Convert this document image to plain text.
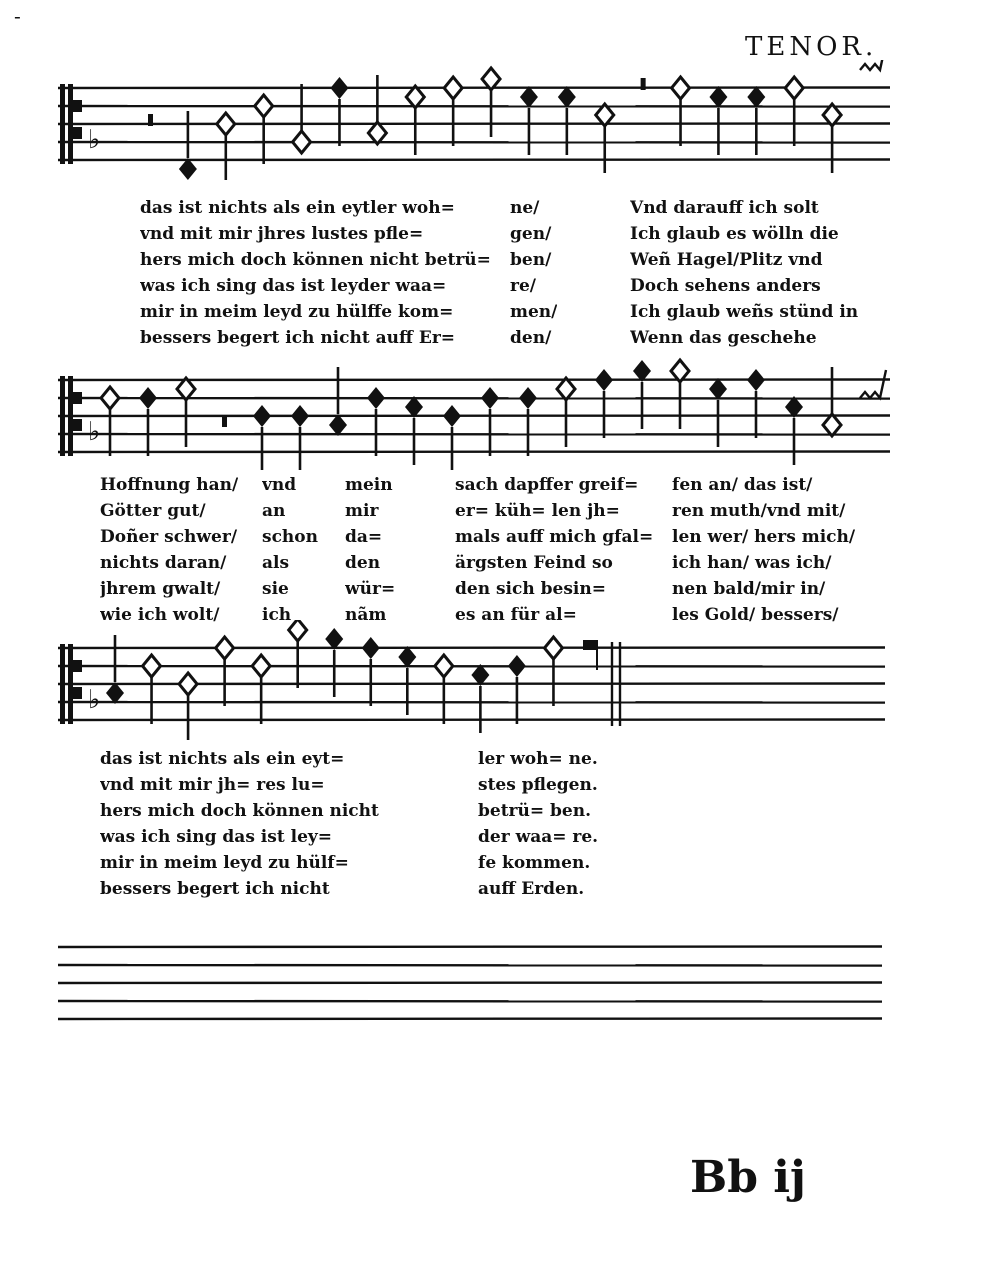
-
TENOR.
♭
das ist nichts als ein eytler woh=
vnd mit mir jhres lustes pfle=
hers mich doch können nicht betrü=
was ich sing das ist leyder waa=
mir in meim leyd zu hülffe kom=
bessers begert ich nicht auff Er=
ne/
gen/
ben/
re/
men/
den/
Vnd darauff ich solt
Ich glaub es wölln die
Weñ Hagel/Plitz vnd
Doch sehens anders
Ich glaub weñs stünd in
Wenn das geschehe
♭
Hoffnung han/
Götter gut/
Doñer schwer/
nichts daran/
jhrem gwalt/
wie ich wolt/
vnd
an
schon
als
sie
ich
mein
mir
da=
den
wür=
nãm
sach dapffer greif=
er= küh= len jh=
mals auff mich gfal=
ärgsten Feind so
den sich besin=
es an für al=
fen an/ das ist/
ren muth/vnd mit/
len wer/ hers mich/
ich han/ was ich/
nen bald/mir in/
les Gold/ bessers/
♭
das ist nichts als ein eyt=
vnd mit mir jh= res lu=
hers mich doch können nicht
was ich sing das ist ley=
mir in meim leyd zu hülf=
bessers begert ich nicht
ler woh= ne.
stes pflegen.
betrü= ben.
der waa= re.
fe kommen.
auff Erden.
Bb ij
